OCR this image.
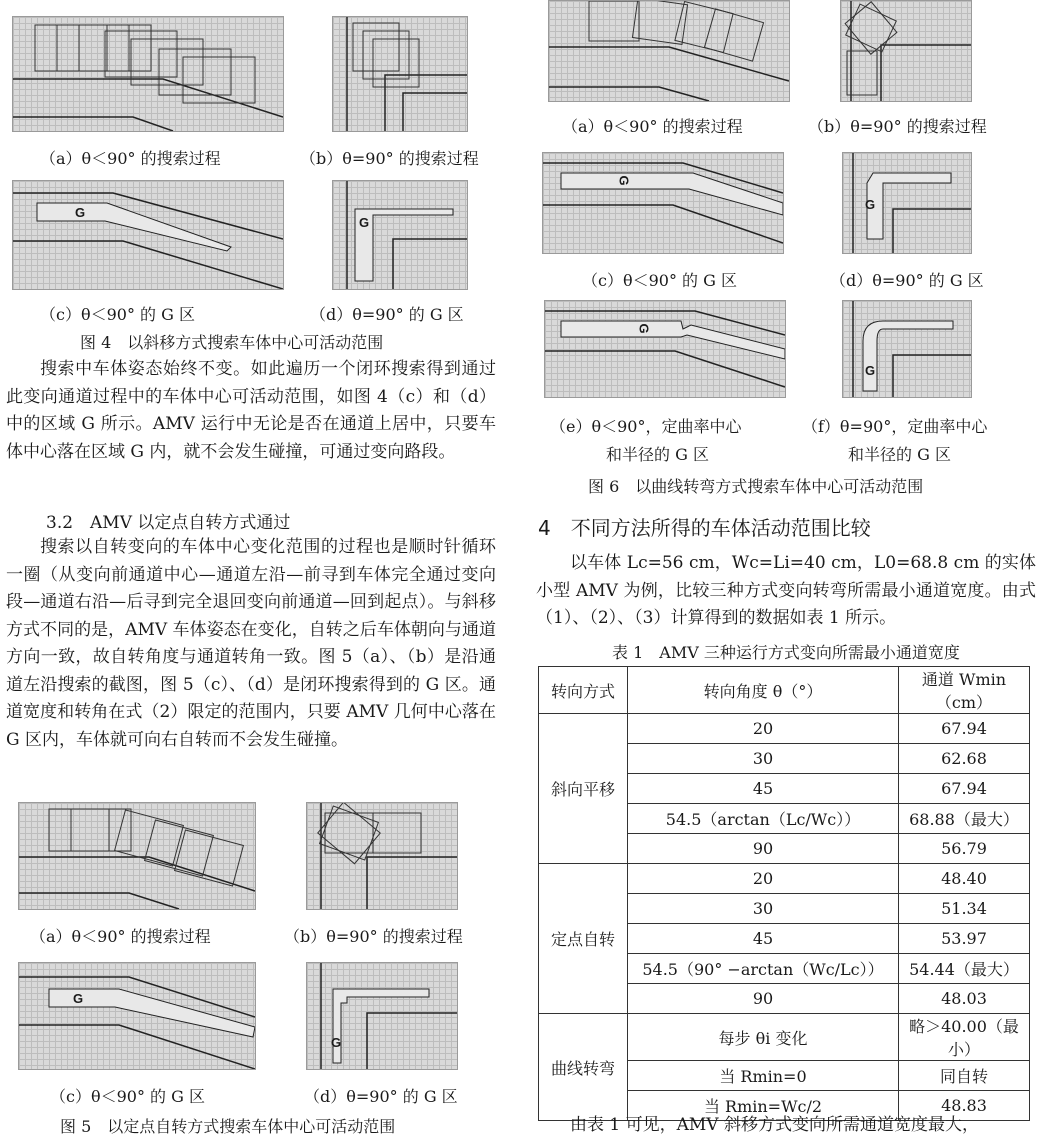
（a）θ＜90° 的搜索过程	（b）θ=90° 的搜索过程
G
G
（c）θ＜90° 的 G 区	（d）θ=90° 的 G 区
图 4　以斜移方式搜索车体中心可活动范围

搜索中车体姿态始终不变。如此遍历一个闭环搜索得到通过此变向通道过程中的车体中心可活动范围，如图 4（c）和（d）中的区域 G 所示。AMV 运行中无论是否在通道上居中，只要车体中心落在区域 G 内，就不会发生碰撞，可通过变向路段。

3.2　AMV 以定点自转方式通过

搜索以自转变向的车体中心变化范围的过程也是顺时针循环一圈（从变向前通道中心—通道左沿—前寻到车体完全通过变向段—通道右沿—后寻到完全退回变向前通道—回到起点）。与斜移方式不同的是，AMV 车体姿态在变化，自转之后车体朝向与通道方向一致，故自转角度与通道转角一致。图 5（a）、（b）是沿通道左沿搜索的截图，图 5（c）、（d）是闭环搜索得到的 G 区。通道宽度和转角在式（2）限定的范围内，只要 AMV 几何中心落在 G 区内，车体就可向右自转而不会发生碰撞。

（a）θ＜90° 的搜索过程	（b）θ=90° 的搜索过程
G
G
（c）θ＜90° 的 G 区	（d）θ=90° 的 G 区
图 5　以定点自转方式搜索车体中心可活动范围
（a）θ＜90° 的搜索过程	（b）θ=90° 的搜索过程
G
G
（c）θ＜90° 的 G 区	（d）θ=90° 的 G 区
G
G
（e）θ＜90°，定曲率中心
和半径的 G 区
（f）θ=90°，定曲率中心
和半径的 G 区
图 6　以曲线转弯方式搜索车体中心可活动范围
4　不同方法所得的车体活动范围比较

以车体 Lc=56 cm，Wc=Li=40 cm，L0=68.8 cm 的实体小型 AMV 为例，比较三种方式变向转弯所需最小通道宽度。由式（1）、（2）、（3）计算得到的数据如表 1 所示。

表 1　AMV 三种运行方式变向所需最小通道宽度
转向方式	转向角度 θ（°）	通道 Wmin（cm）
斜向平移	20	67.94
	30	62.68
	45	67.94
	54.5（arctan（Lc/Wc））	68.88（最大）
	90	56.79
定点自转	20	48.40
	30	51.34
	45	53.97
	54.5（90° −arctan（Wc/Lc））	54.44（最大）
	90	48.03
曲线转弯	每步 θi 变化	略＞40.00（最小）
	当 Rmin=0	同自转
	当 Rmin=Wc/2	48.83

由表 1 可见，AMV 斜移方式变向所需通道宽度最大，
